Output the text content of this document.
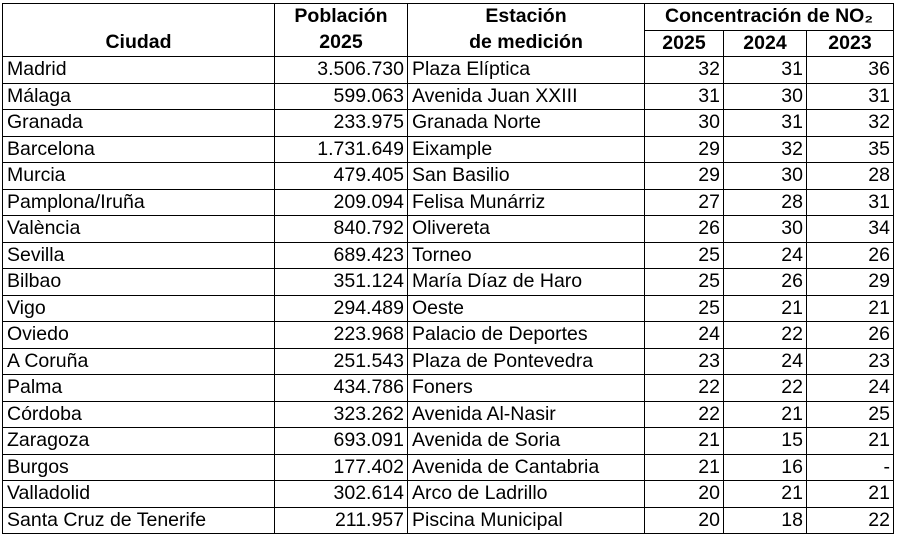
	Población	Estación	Concentración de NO₂		
Ciudad	2025	de medición	2025	2024	2023
Madrid	3.506.730	Plaza Elíptica	32	31	36
Málaga	599.063	Avenida Juan XXIII	31	30	31
Granada	233.975	Granada Norte	30	31	32
Barcelona	1.731.649	Eixample	29	32	35
Murcia	479.405	San Basilio	29	30	28
Pamplona/Iruña	209.094	Felisa Munárriz	27	28	31
València	840.792	Olivereta	26	30	34
Sevilla	689.423	Torneo	25	24	26
Bilbao	351.124	María Díaz de Haro	25	26	29
Vigo	294.489	Oeste	25	21	21
Oviedo	223.968	Palacio de Deportes	24	22	26
A Coruña	251.543	Plaza de Pontevedra	23	24	23
Palma	434.786	Foners	22	22	24
Córdoba	323.262	Avenida Al-Nasir	22	21	25
Zaragoza	693.091	Avenida de Soria	21	15	21
Burgos	177.402	Avenida de Cantabria	21	16	-
Valladolid	302.614	Arco de Ladrillo	20	21	21
Santa Cruz de Tenerife	211.957	Piscina Municipal	20	18	22
